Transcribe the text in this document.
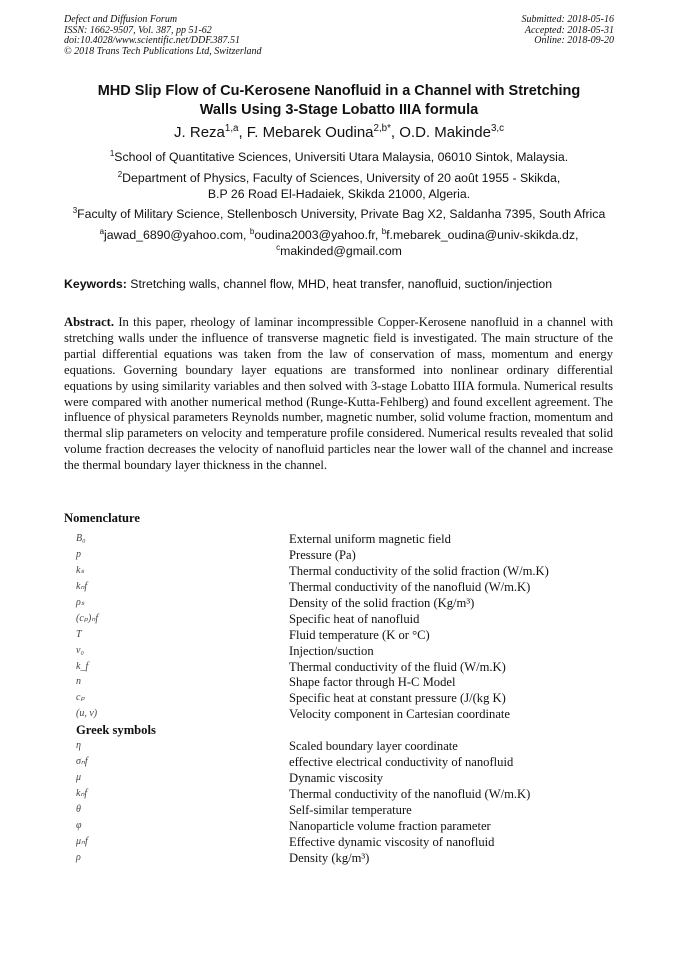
Defect and Diffusion Forum
ISSN: 1662-9507, Vol. 387, pp 51-62
doi:10.4028/www.scientific.net/DDF.387.51
© 2018 Trans Tech Publications Ltd, Switzerland
Submitted: 2018-05-16
Accepted: 2018-05-31
Online: 2018-09-20
MHD Slip Flow of Cu-Kerosene Nanofluid in a Channel with Stretching
Walls Using 3-Stage Lobatto IIIA formula
J. Reza$^{1,a}$, F. Mebarek Oudina$^{2,b*}$, O.D. Makinde$^{3,c}$
$^1$School of Quantitative Sciences, Universiti Utara Malaysia, 06010 Sintok, Malaysia.
$^2$Department of Physics, Faculty of Sciences, University of 20 août 1955 - Skikda,
B.P 26 Road El-Hadaiek, Skikda 21000, Algeria.
$^3$Faculty of Military Science, Stellenbosch University, Private Bag X2, Saldanha 7395, South Africa
$^a$jawad_6890@yahoo.com, $^b$oudina2003@yahoo.fr, $^b$f.mebarek_oudina@univ-skikda.dz,
$^c$makinded@gmail.com
Keywords: Stretching walls, channel flow, MHD, heat transfer, nanofluid, suction/injection
Abstract. In this paper, rheology of laminar incompressible Copper-Kerosene nanofluid in a channel with stretching walls under the influence of transverse magnetic field is investigated. The main structure of the partial differential equations was taken from the law of conservation of mass, momentum and energy equations. Governing boundary layer equations are transformed into nonlinear ordinary differential equations by using similarity variables and then solved with 3-stage Lobatto IIIA formula. Numerical results were compared with another numerical method (Runge-Kutta-Fehlberg) and found excellent agreement. The influence of physical parameters Reynolds number, magnetic number, solid volume fraction, momentum and thermal slip parameters on velocity and temperature profile considered. Numerical results revealed that solid volume fraction decreases the velocity of nanofluid particles near the lower wall of the channel and increase the thermal boundary layer thickness in the channel.
Nomenclature
B₀	External uniform magnetic field
p	Pressure (Pa)
kₛ	Thermal conductivity of the solid fraction (W/m.K)
kₙf	Thermal conductivity of the nanofluid (W/m.K)
ρₛ	Density of the solid fraction (Kg/m³)
(cₚ)ₙf	Specific heat of nanofluid
T	Fluid temperature (K or °C)
v₀	Injection/suction
k_f	Thermal conductivity of the fluid (W/m.K)
n	Shape factor through H-C Model
cₚ	Specific heat at constant pressure (J/(kg K)
(u, v)	Velocity component in Cartesian coordinate
Greek symbols
η	Scaled boundary layer coordinate
σₙf	effective electrical conductivity of nanofluid
μ	Dynamic viscosity
kₙf	Thermal conductivity of the nanofluid (W/m.K)
θ	Self-similar temperature
φ	Nanoparticle volume fraction parameter
μₙf	Effective dynamic viscosity of nanofluid
ρ	Density (kg/m³)
